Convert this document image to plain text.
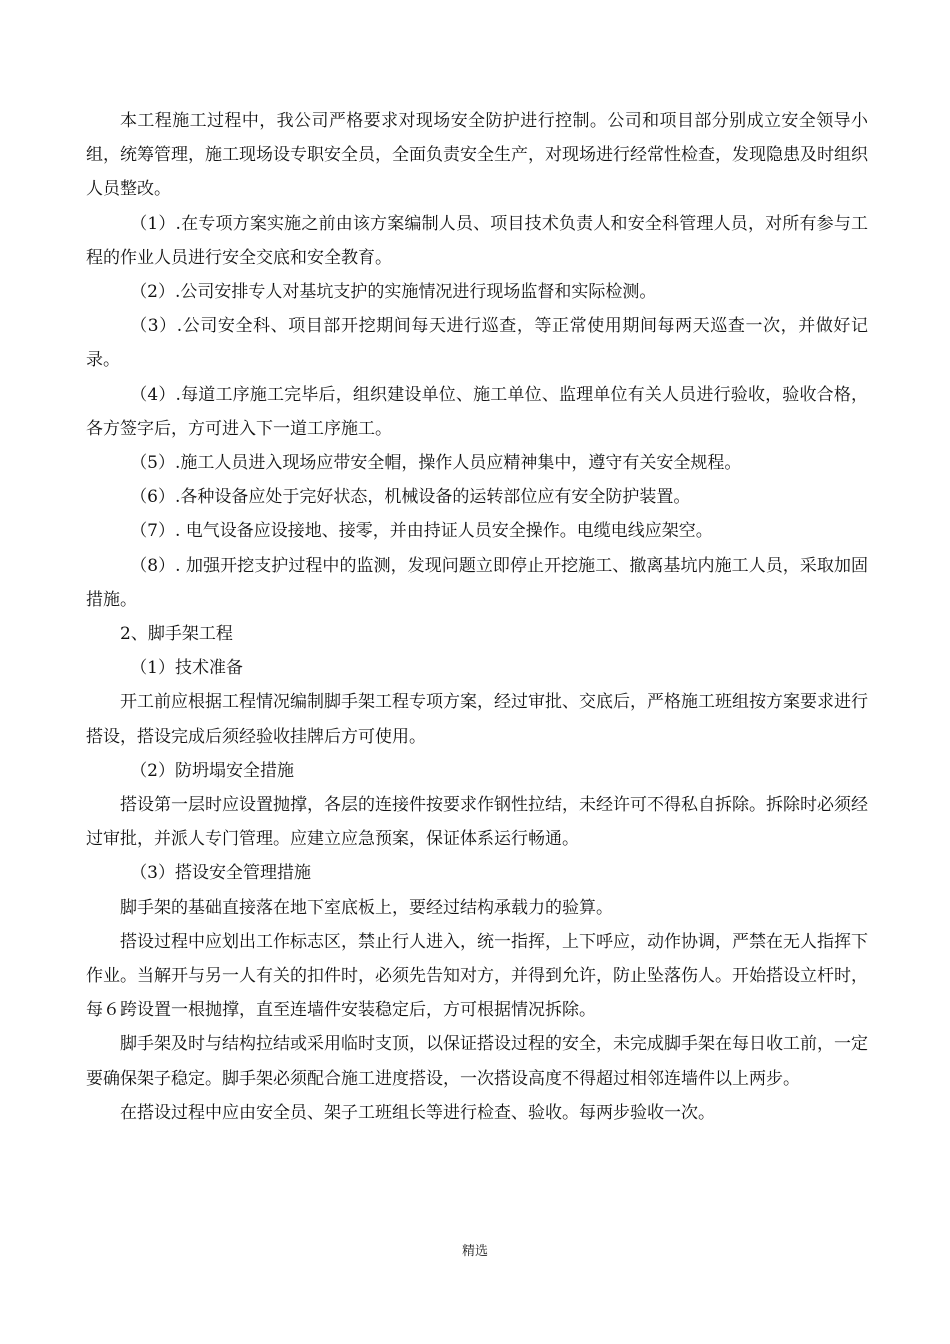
本工程施工过程中，我公司严格要求对现场安全防护进行控制。公司和项目部分别成立安全领导小组，统筹管理，施工现场设专职安全员，全面负责安全生产，对现场进行经常性检查，发现隐患及时组织人员整改。

（1）.在专项方案实施之前由该方案编制人员、项目技术负责人和安全科管理人员，对所有参与工程的作业人员进行安全交底和安全教育。

（2）.公司安排专人对基坑支护的实施情况进行现场监督和实际检测。

（3）.公司安全科、项目部开挖期间每天进行巡查，等正常使用期间每两天巡查一次，并做好记录。

（4）.每道工序施工完毕后，组织建设单位、施工单位、监理单位有关人员进行验收，验收合格，各方签字后，方可进入下一道工序施工。

（5）.施工人员进入现场应带安全帽，操作人员应精神集中，遵守有关安全规程。

（6）.各种设备应处于完好状态，机械设备的运转部位应有安全防护装置。

（7）. 电气设备应设接地、接零，并由持证人员安全操作。电缆电线应架空。

（8）. 加强开挖支护过程中的监测，发现问题立即停止开挖施工、撤离基坑内施工人员，采取加固措施。

2、脚手架工程

（1）技术准备

开工前应根据工程情况编制脚手架工程专项方案，经过审批、交底后，严格施工班组按方案要求进行搭设，搭设完成后须经验收挂牌后方可使用。

（2）防坍塌安全措施

搭设第一层时应设置抛撑，各层的连接件按要求作钢性拉结，未经许可不得私自拆除。拆除时必须经过审批，并派人专门管理。应建立应急预案，保证体系运行畅通。

（3）搭设安全管理措施

脚手架的基础直接落在地下室底板上，要经过结构承载力的验算。

搭设过程中应划出工作标志区，禁止行人进入，统一指挥，上下呼应，动作协调，严禁在无人指挥下作业。当解开与另一人有关的扣件时，必须先告知对方，并得到允许，防止坠落伤人。开始搭设立杆时，每６跨设置一根抛撑，直至连墙件安装稳定后，方可根据情况拆除。

脚手架及时与结构拉结或采用临时支顶，以保证搭设过程的安全，未完成脚手架在每日收工前，一定要确保架子稳定。脚手架必须配合施工进度搭设，一次搭设高度不得超过相邻连墙件以上两步。

在搭设过程中应由安全员、架子工班组长等进行检查、验收。每两步验收一次。

精选
